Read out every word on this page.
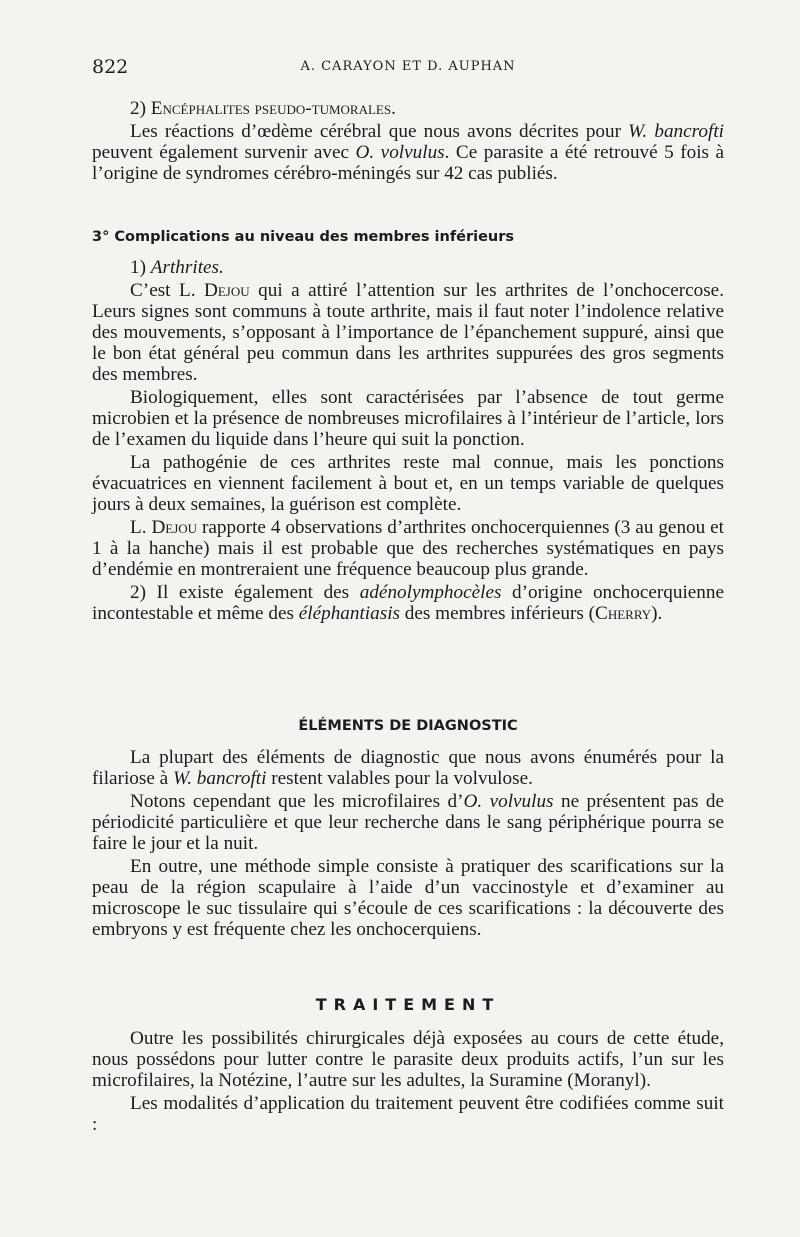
822	A. CARAYON ET D. AUPHAN

2) Encéphalites pseudo-tumorales.

Les réactions d’œdème cérébral que nous avons décrites pour W. bancrofti peuvent également survenir avec O. volvulus. Ce parasite a été retrouvé 5 fois à l’origine de syndromes cérébro-méningés sur 42 cas publiés.

3° Complications au niveau des membres inférieurs

1) Arthrites.

C’est L. Dejou qui a attiré l’attention sur les arthrites de l’onchocercose. Leurs signes sont communs à toute arthrite, mais il faut noter l’indolence relative des mouvements, s’opposant à l’importance de l’épanchement suppuré, ainsi que le bon état général peu commun dans les arthrites suppurées des gros segments des membres.

Biologiquement, elles sont caractérisées par l’absence de tout germe microbien et la présence de nombreuses microfilaires à l’intérieur de l’article, lors de l’examen du liquide dans l’heure qui suit la ponction.

La pathogénie de ces arthrites reste mal connue, mais les ponctions évacuatrices en viennent facilement à bout et, en un temps variable de quelques jours à deux semaines, la guérison est complète.

L. Dejou rapporte 4 observations d’arthrites onchocerquiennes (3 au genou et 1 à la hanche) mais il est probable que des recherches systématiques en pays d’endémie en montreraient une fréquence beaucoup plus grande.

2) Il existe également des adénolymphocèles d’origine onchocerquienne incontestable et même des éléphantiasis des membres inférieurs (Cherry).

ÉLÉMENTS DE DIAGNOSTIC

La plupart des éléments de diagnostic que nous avons énumérés pour la filariose à W. bancrofti restent valables pour la volvulose.

Notons cependant que les microfilaires d’O. volvulus ne présentent pas de périodicité particulière et que leur recherche dans le sang périphérique pourra se faire le jour et la nuit.

En outre, une méthode simple consiste à pratiquer des scarifications sur la peau de la région scapulaire à l’aide d’un vaccinostyle et d’examiner au microscope le suc tissulaire qui s’écoule de ces scarifications : la découverte des embryons y est fréquente chez les onchocerquiens.

TRAITEMENT

Outre les possibilités chirurgicales déjà exposées au cours de cette étude, nous possédons pour lutter contre le parasite deux produits actifs, l’un sur les microfilaires, la Notézine, l’autre sur les adultes, la Suramine (Moranyl).

Les modalités d’application du traitement peuvent être codifiées comme suit :
